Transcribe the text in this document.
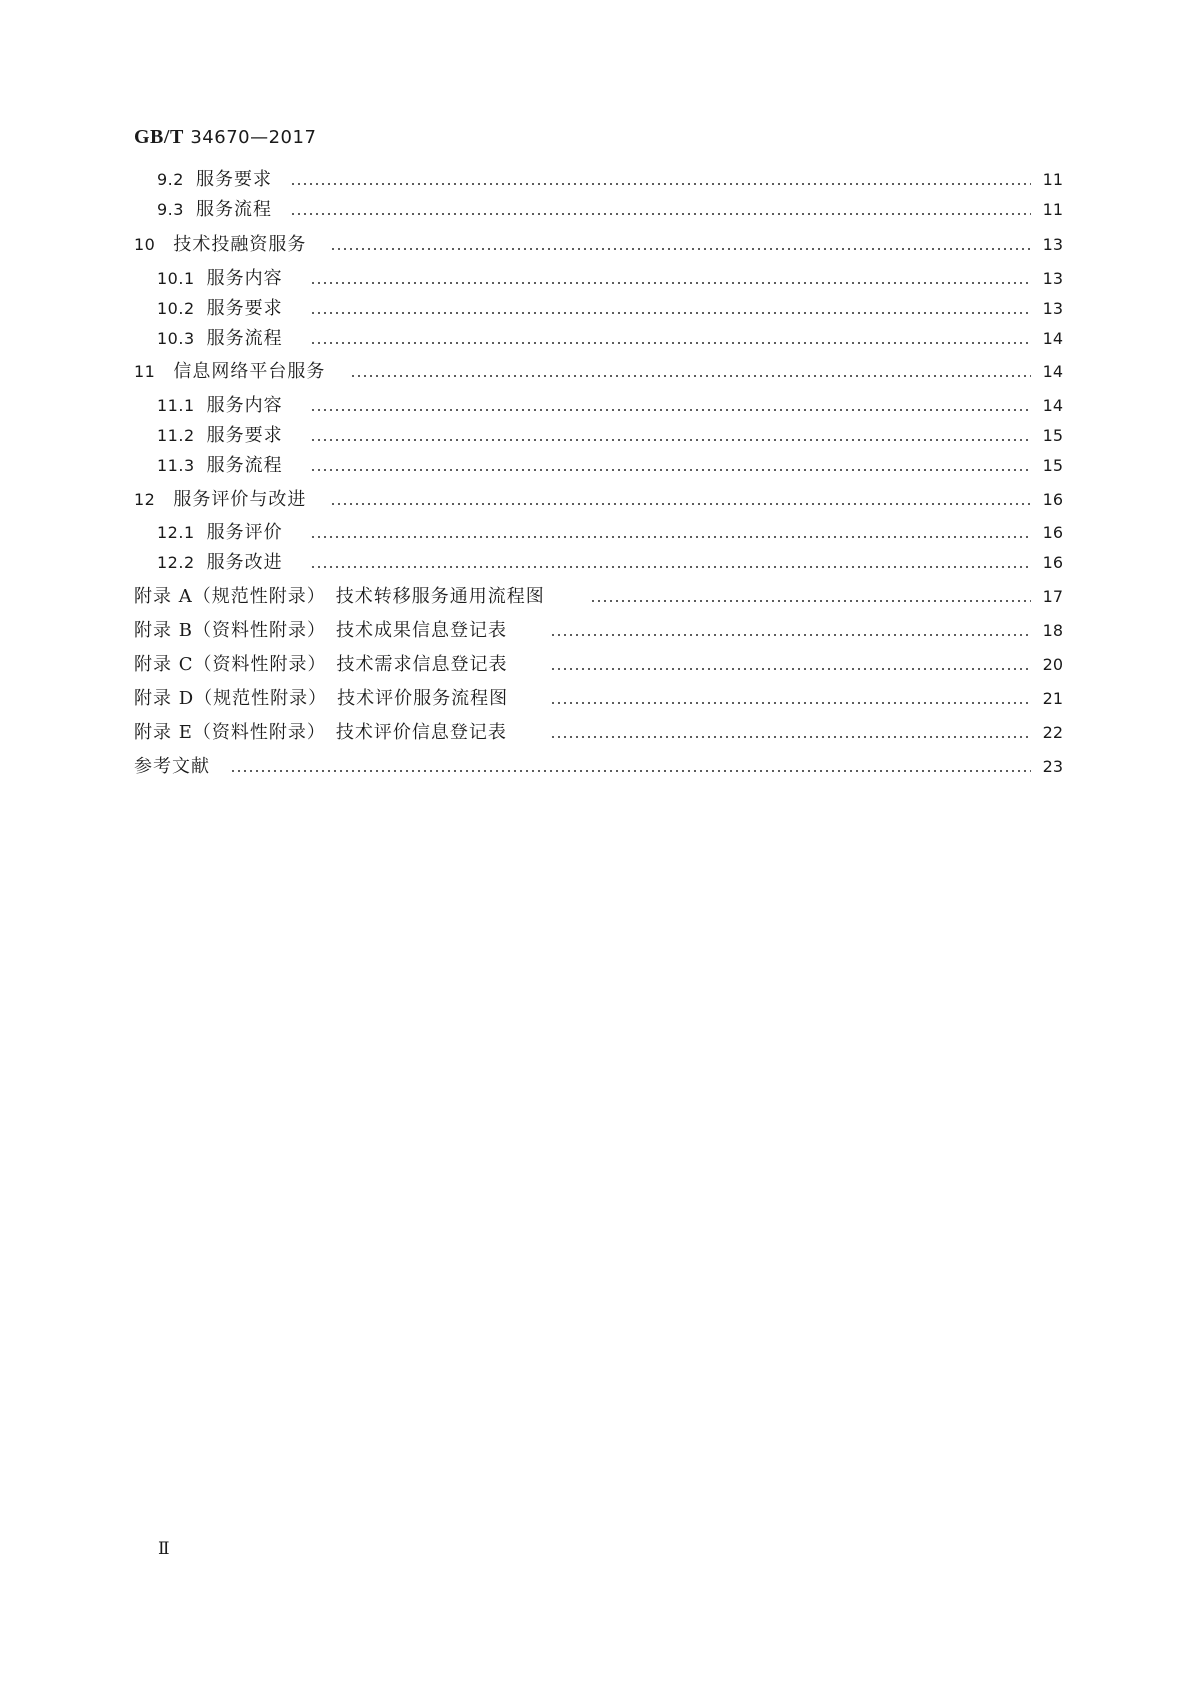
GB/T 34670—2017
9.2 服务要求	11
9.3 服务流程	11
10 技术投融资服务	13
10.1 服务内容	13
10.2 服务要求	13
10.3 服务流程	14
11 信息网络平台服务	14
11.1 服务内容	14
11.2 服务要求	15
11.3 服务流程	15
12 服务评价与改进	16
12.1 服务评价	16
12.2 服务改进	16
附录 A（规范性附录）　技术转移服务通用流程图	17
附录 B（资料性附录）　技术成果信息登记表	18
附录 C（资料性附录）　技术需求信息登记表	20
附录 D（规范性附录）　技术评价服务流程图	21
附录 E（资料性附录）　技术评价信息登记表	22
参考文献	23
Ⅱ
